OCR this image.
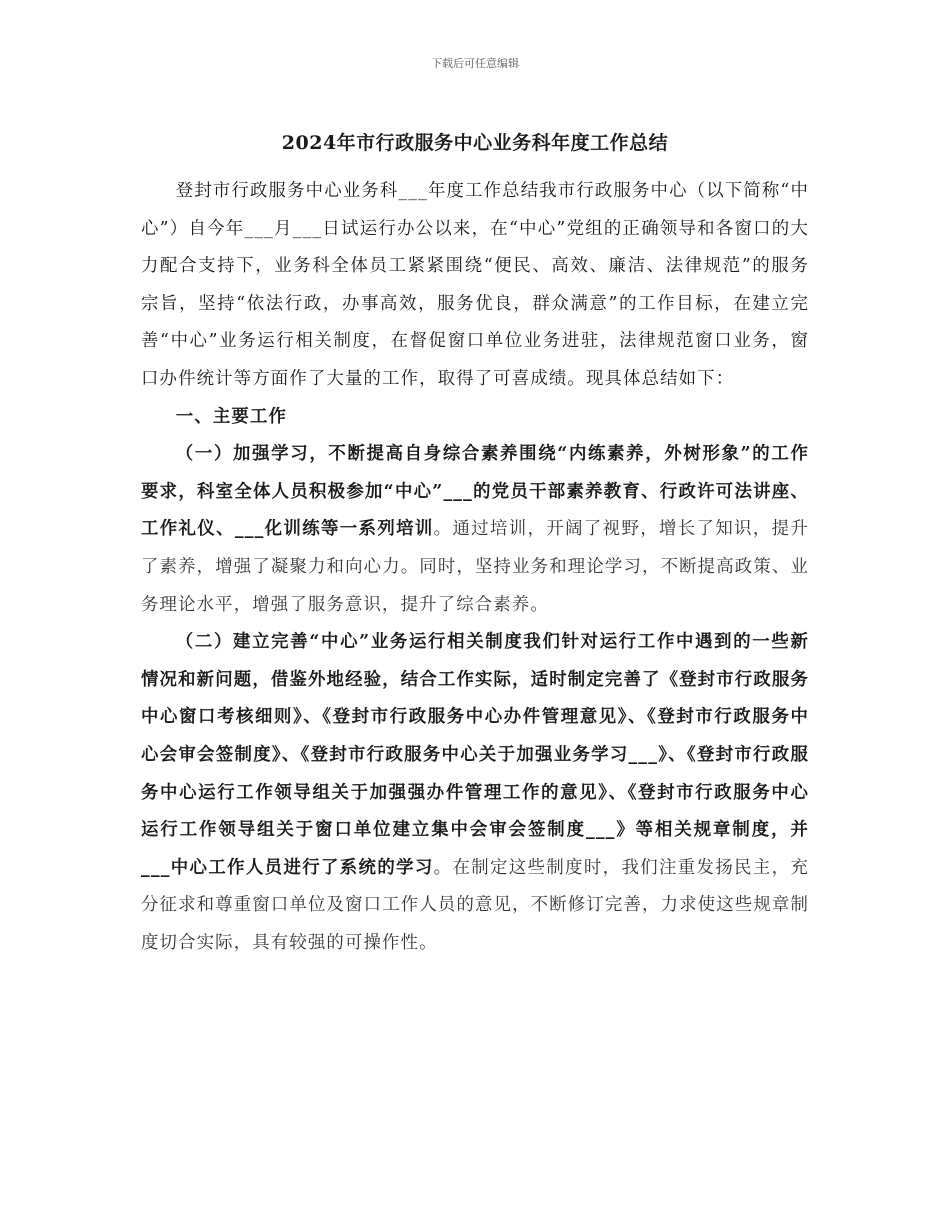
下载后可任意编辑
2024年市行政服务中心业务科年度工作总结

登封市行政服务中心业务科___年度工作总结我市行政服务中心（以下简称“中心”）自今年___月___日试运行办公以来，在“中心”党组的正确领导和各窗口的大力配合支持下，业务科全体员工紧紧围绕“便民、高效、廉洁、法律规范”的服务宗旨，坚持“依法行政，办事高效，服务优良，群众满意”的工作目标，在建立完善“中心”业务运行相关制度，在督促窗口单位业务进驻，法律规范窗口业务，窗口办件统计等方面作了大量的工作，取得了可喜成绩。现具体总结如下：

一、主要工作

（一）加强学习，不断提高自身综合素养围绕“内练素养，外树形象”的工作要求，科室全体人员积极参加“中心”___的党员干部素养教育、行政许可法讲座、工作礼仪、___化训练等一系列培训。通过培训，开阔了视野，增长了知识，提升了素养，增强了凝聚力和向心力。同时，坚持业务和理论学习，不断提高政策、业务理论水平，增强了服务意识，提升了综合素养。

（二）建立完善“中心”业务运行相关制度我们针对运行工作中遇到的一些新情况和新问题，借鉴外地经验，结合工作实际，适时制定完善了《登封市行政服务中心窗口考核细则》、《登封市行政服务中心办件管理意见》、《登封市行政服务中心会审会签制度》、《登封市行政服务中心关于加强业务学习___》、《登封市行政服务中心运行工作领导组关于加强强办件管理工作的意见》、《登封市行政服务中心运行工作领导组关于窗口单位建立集中会审会签制度___》等相关规章制度，并___中心工作人员进行了系统的学习。在制定这些制度时，我们注重发扬民主，充分征求和尊重窗口单位及窗口工作人员的意见，不断修订完善，力求使这些规章制度切合实际，具有较强的可操作性。
